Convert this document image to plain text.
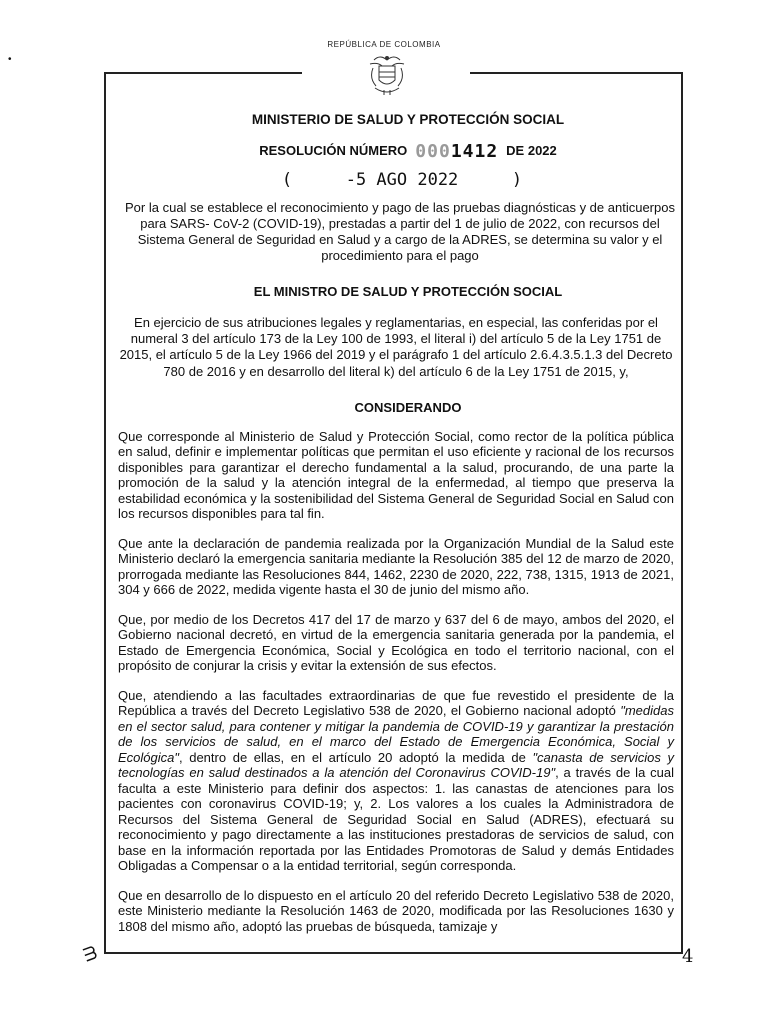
•
REPÚBLICA DE COLOMBIA

MINISTERIO DE SALUD Y PROTECCIÓN SOCIAL

RESOLUCIÓN NÚMERO 0001412 DE 2022
(	-5 AGO 2022	)

Por la cual se establece el reconocimiento y pago de las pruebas diagnósticas y de anticuerpos para SARS- CoV-2 (COVID-19), prestadas a partir del 1 de julio de 2022, con recursos del Sistema General de Seguridad en Salud y a cargo de la ADRES, se determina su valor y el procedimiento para el pago

EL MINISTRO DE SALUD Y PROTECCIÓN SOCIAL

En ejercicio de sus atribuciones legales y reglamentarias, en especial, las conferidas por el numeral 3 del artículo 173 de la Ley 100 de 1993, el literal i) del artículo 5 de la Ley 1751 de 2015, el artículo 5 de la Ley 1966 del 2019 y el parágrafo 1 del artículo 2.6.4.3.5.1.3 del Decreto 780 de 2016 y en desarrollo del literal k) del artículo 6 de la Ley 1751 de 2015, y,

CONSIDERANDO

Que corresponde al Ministerio de Salud y Protección Social, como rector de la política pública en salud, definir e implementar políticas que permitan el uso eficiente y racional de los recursos disponibles para garantizar el derecho fundamental a la salud, procurando, de una parte la promoción de la salud y la atención integral de la enfermedad, al tiempo que preserva la estabilidad económica y la sostenibilidad del Sistema General de Seguridad Social en Salud con los recursos disponibles para tal fin.

Que ante la declaración de pandemia realizada por la Organización Mundial de la Salud este Ministerio declaró la emergencia sanitaria mediante la Resolución 385 del 12 de marzo de 2020, prorrogada mediante las Resoluciones 844, 1462, 2230 de 2020, 222, 738, 1315, 1913 de 2021, 304 y 666 de 2022, medida vigente hasta el 30 de junio del mismo año.

Que, por medio de los Decretos 417 del 17 de marzo y 637 del 6 de mayo, ambos del 2020, el Gobierno nacional decretó, en virtud de la emergencia sanitaria generada por la pandemia, el Estado de Emergencia Económica, Social y Ecológica en todo el territorio nacional, con el propósito de conjurar la crisis y evitar la extensión de sus efectos.

Que, atendiendo a las facultades extraordinarias de que fue revestido el presidente de la República a través del Decreto Legislativo 538 de 2020, el Gobierno nacional adoptó "medidas en el sector salud, para contener y mitigar la pandemia de COVID-19 y garantizar la prestación de los servicios de salud, en el marco del Estado de Emergencia Económica, Social y Ecológica", dentro de ellas, en el artículo 20 adoptó la medida de "canasta de servicios y tecnologías en salud destinados a la atención del Coronavirus COVID-19", a través de la cual faculta a este Ministerio para definir dos aspectos: 1. las canastas de atenciones para los pacientes con coronavirus COVID-19; y, 2. Los valores a los cuales la Administradora de Recursos del Sistema General de Seguridad Social en Salud (ADRES), efectuará su reconocimiento y pago directamente a las instituciones prestadoras de servicios de salud, con base en la información reportada por las Entidades Promotoras de Salud y demás Entidades Obligadas a Compensar o a la entidad territorial, según corresponda.

Que en desarrollo de lo dispuesto en el artículo 20 del referido Decreto Legislativo 538 de 2020, este Ministerio mediante la Resolución 1463 de 2020, modificada por las Resoluciones 1630 y 1808 del mismo año, adoptó las pruebas de búsqueda, tamizaje y

ᗱ	4
